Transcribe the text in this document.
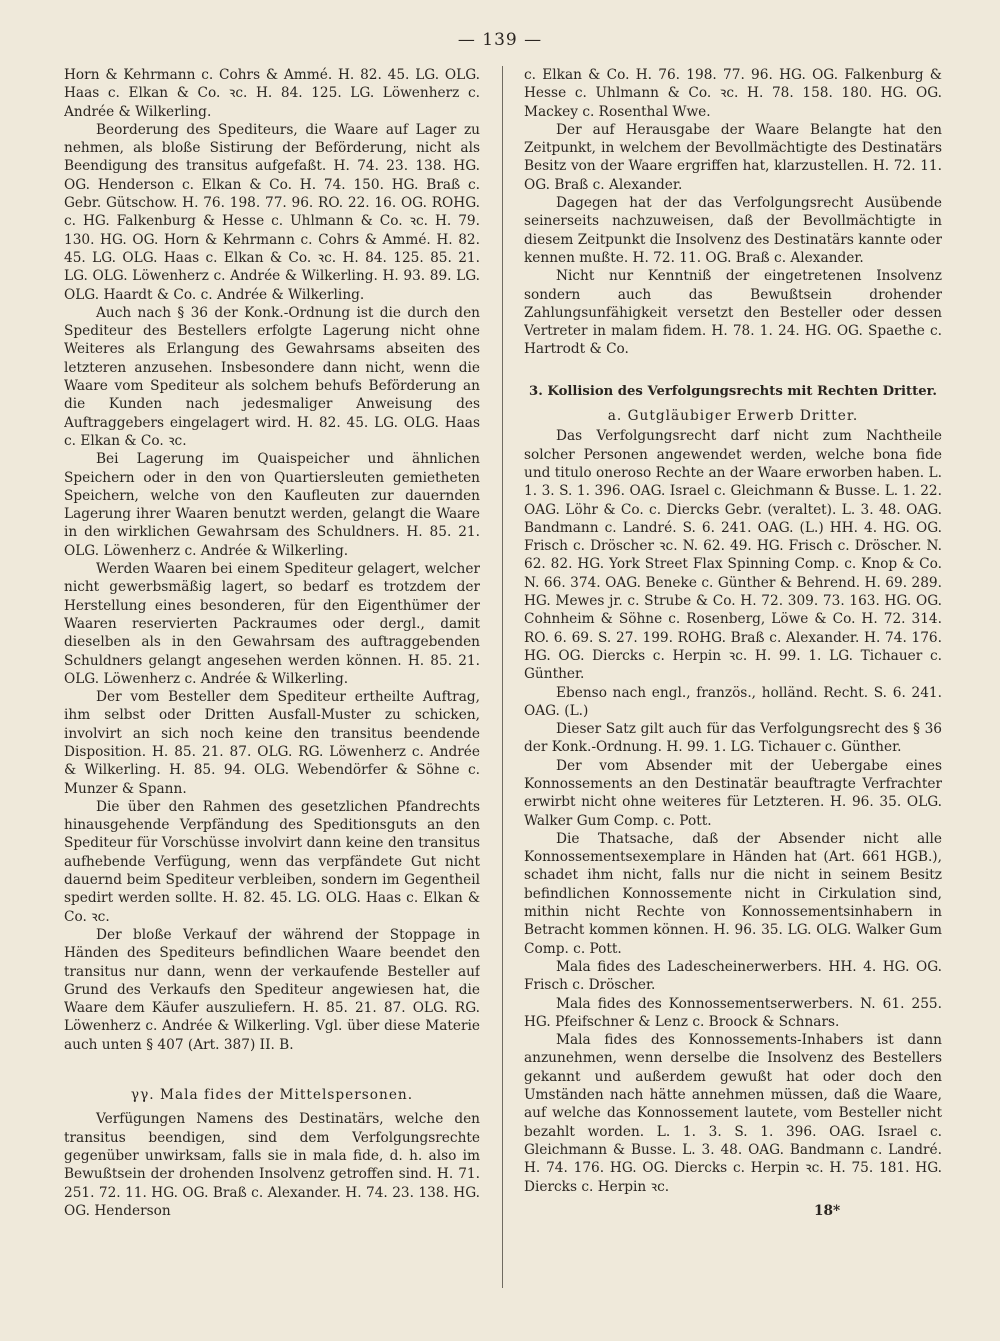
— 139 —

Horn & Kehrmann c. Cohrs & Ammé. H. 82. 45. LG. OLG. Haas c. Elkan & Co. ꝛc. H. 84. 125. LG. Löwenherz c. Andrée & Wilkerling.

Beorderung des Spediteurs, die Waare auf Lager zu nehmen, als bloße Sistirung der Beförderung, nicht als Beendigung des transitus aufgefaßt. H. 74. 23. 138. HG. OG. Henderson c. Elkan & Co. H. 74. 150. HG. Braß c. Gebr. Gütschow. H. 76. 198. 77. 96. RO. 22. 16. OG. ROHG. c. HG. Falkenburg & Hesse c. Uhlmann & Co. ꝛc. H. 79. 130. HG. OG. Horn & Kehrmann c. Cohrs & Ammé. H. 82. 45. LG. OLG. Haas c. Elkan & Co. ꝛc. H. 84. 125. 85. 21. LG. OLG. Löwenherz c. Andrée & Wilkerling. H. 93. 89. LG. OLG. Haardt & Co. c. Andrée & Wilkerling.

Auch nach § 36 der Konk.-Ordnung ist die durch den Spediteur des Bestellers erfolgte Lagerung nicht ohne Weiteres als Erlangung des Gewahrsams abseiten des letzteren anzusehen. Insbesondere dann nicht, wenn die Waare vom Spediteur als solchem behufs Beförderung an die Kunden nach jedesmaliger Anweisung des Auftraggebers eingelagert wird. H. 82. 45. LG. OLG. Haas c. Elkan & Co. ꝛc.

Bei Lagerung im Quaispeicher und ähnlichen Speichern oder in den von Quartiersleuten gemietheten Speichern, welche von den Kaufleuten zur dauernden Lagerung ihrer Waaren benutzt werden, gelangt die Waare in den wirklichen Gewahrsam des Schuldners. H. 85. 21. OLG. Löwenherz c. Andrée & Wilkerling.

Werden Waaren bei einem Spediteur gelagert, welcher nicht gewerbsmäßig lagert, so bedarf es trotzdem der Herstellung eines besonderen, für den Eigenthümer der Waaren reservierten Packraumes oder dergl., damit dieselben als in den Gewahrsam des auftraggebenden Schuldners gelangt angesehen werden können. H. 85. 21. OLG. Löwenherz c. Andrée & Wilkerling.

Der vom Besteller dem Spediteur ertheilte Auftrag, ihm selbst oder Dritten Ausfall-Muster zu schicken, involvirt an sich noch keine den transitus beendende Disposition. H. 85. 21. 87. OLG. RG. Löwenherz c. Andrée & Wilkerling. H. 85. 94. OLG. Webendörfer & Söhne c. Munzer & Spann.

Die über den Rahmen des gesetzlichen Pfandrechts hinausgehende Verpfändung des Speditionsguts an den Spediteur für Vorschüsse involvirt dann keine den transitus aufhebende Verfügung, wenn das verpfändete Gut nicht dauernd beim Spediteur verbleiben, sondern im Gegentheil spedirt werden sollte. H. 82. 45. LG. OLG. Haas c. Elkan & Co. ꝛc.

Der bloße Verkauf der während der Stoppage in Händen des Spediteurs befindlichen Waare beendet den transitus nur dann, wenn der verkaufende Besteller auf Grund des Verkaufs den Spediteur angewiesen hat, die Waare dem Käufer auszuliefern. H. 85. 21. 87. OLG. RG. Löwenherz c. Andrée & Wilkerling. Vgl. über diese Materie auch unten § 407 (Art. 387) II. B.

γγ. Mala fides der Mittelspersonen.

Verfügungen Namens des Destinatärs, welche den transitus beendigen, sind dem Verfolgungsrechte gegenüber unwirksam, falls sie in mala fide, d. h. also im Bewußtsein der drohenden Insolvenz getroffen sind. H. 71. 251. 72. 11. HG. OG. Braß c. Alexander. H. 74. 23. 138. HG. OG. Henderson

c. Elkan & Co. H. 76. 198. 77. 96. HG. OG. Falkenburg & Hesse c. Uhlmann & Co. ꝛc. H. 78. 158. 180. HG. OG. Mackey c. Rosenthal Wwe.

Der auf Herausgabe der Waare Belangte hat den Zeitpunkt, in welchem der Bevollmächtigte des Destinatärs Besitz von der Waare ergriffen hat, klarzustellen. H. 72. 11. OG. Braß c. Alexander.

Dagegen hat der das Verfolgungsrecht Ausübende seinerseits nachzuweisen, daß der Bevollmächtigte in diesem Zeitpunkt die Insolvenz des Destinatärs kannte oder kennen mußte. H. 72. 11. OG. Braß c. Alexander.

Nicht nur Kenntniß der eingetretenen Insolvenz sondern auch das Bewußtsein drohender Zahlungsunfähigkeit versetzt den Besteller oder dessen Vertreter in malam fidem. H. 78. 1. 24. HG. OG. Spaethe c. Hartrodt & Co.

3. Kollision des Verfolgungsrechts mit Rechten Dritter.

a. Gutgläubiger Erwerb Dritter.

Das Verfolgungsrecht darf nicht zum Nachtheile solcher Personen angewendet werden, welche bona fide und titulo oneroso Rechte an der Waare erworben haben. L. 1. 3. S. 1. 396. OAG. Israel c. Gleichmann & Busse. L. 1. 22. OAG. Löhr & Co. c. Diercks Gebr. (veraltet). L. 3. 48. OAG. Bandmann c. Landré. S. 6. 241. OAG. (L.) HH. 4. HG. OG. Frisch c. Dröscher ꝛc. N. 62. 49. HG. Frisch c. Dröscher. N. 62. 82. HG. York Street Flax Spinning Comp. c. Knop & Co. N. 66. 374. OAG. Beneke c. Günther & Behrend. H. 69. 289. HG. Mewes jr. c. Strube & Co. H. 72. 309. 73. 163. HG. OG. Cohnheim & Söhne c. Rosenberg, Löwe & Co. H. 72. 314. RO. 6. 69. S. 27. 199. ROHG. Braß c. Alexander. H. 74. 176. HG. OG. Diercks c. Herpin ꝛc. H. 99. 1. LG. Tichauer c. Günther.

Ebenso nach engl., französ., holländ. Recht. S. 6. 241. OAG. (L.)

Dieser Satz gilt auch für das Verfolgungsrecht des § 36 der Konk.-Ordnung. H. 99. 1. LG. Tichauer c. Günther.

Der vom Absender mit der Uebergabe eines Konnossements an den Destinatär beauftragte Verfrachter erwirbt nicht ohne weiteres für Letzteren. H. 96. 35. OLG. Walker Gum Comp. c. Pott.

Die Thatsache, daß der Absender nicht alle Konnossementsexemplare in Händen hat (Art. 661 HGB.), schadet ihm nicht, falls nur die nicht in seinem Besitz befindlichen Konnossemente nicht in Cirkulation sind, mithin nicht Rechte von Konnossementsinhabern in Betracht kommen können. H. 96. 35. LG. OLG. Walker Gum Comp. c. Pott.

Mala fides des Ladescheinerwerbers. HH. 4. HG. OG. Frisch c. Dröscher.

Mala fides des Konnossementserwerbers. N. 61. 255. HG. Pfeifschner & Lenz c. Broock & Schnars.

Mala fides des Konnossements-Inhabers ist dann anzunehmen, wenn derselbe die Insolvenz des Bestellers gekannt und außerdem gewußt hat oder doch den Umständen nach hätte annehmen müssen, daß die Waare, auf welche das Konnossement lautete, vom Besteller nicht bezahlt worden. L. 1. 3. S. 1. 396. OAG. Israel c. Gleichmann & Busse. L. 3. 48. OAG. Bandmann c. Landré. H. 74. 176. HG. OG. Diercks c. Herpin ꝛc. H. 75. 181. HG. Diercks c. Herpin ꝛc.

18*
